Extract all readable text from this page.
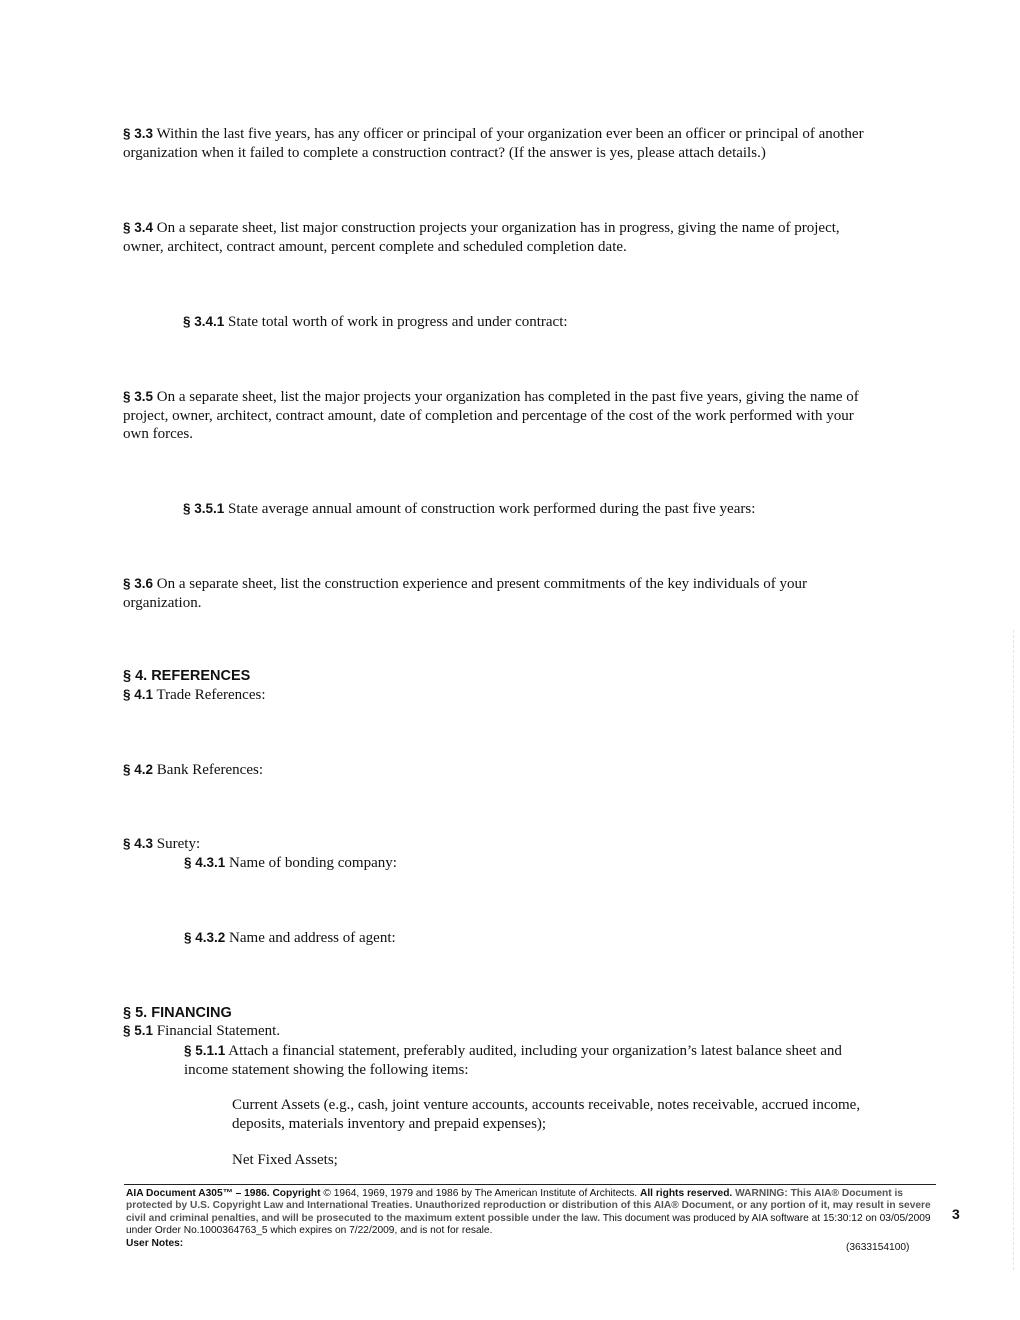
§ 3.3 Within the last five years, has any officer or principal of your organization ever been an officer or principal of another organization when it failed to complete a construction contract? (If the answer is yes, please attach details.)

§ 3.4 On a separate sheet, list major construction projects your organization has in progress, giving the name of project, owner, architect, contract amount, percent complete and scheduled completion date.

§ 3.4.1 State total worth of work in progress and under contract:

§ 3.5 On a separate sheet, list the major projects your organization has completed in the past five years, giving the name of project, owner, architect, contract amount, date of completion and percentage of the cost of the work performed with your own forces.

§ 3.5.1 State average annual amount of construction work performed during the past five years:

§ 3.6 On a separate sheet, list the construction experience and present commitments of the key individuals of your organization.

§ 4. REFERENCES

§ 4.1 Trade References:

§ 4.2 Bank References:

§ 4.3 Surety:

§ 4.3.1 Name of bonding company:

§ 4.3.2 Name and address of agent:

§ 5. FINANCING

§ 5.1 Financial Statement.

§ 5.1.1 Attach a financial statement, preferably audited, including your organization’s latest balance sheet and income statement showing the following items:

Current Assets (e.g., cash, joint venture accounts, accounts receivable, notes receivable, accrued income, deposits, materials inventory and prepaid expenses);

Net Fixed Assets;

AIA Document A305™ – 1986. Copyright © 1964, 1969, 1979 and 1986 by The American Institute of Architects. All rights reserved. WARNING: This AIA® Document is protected by U.S. Copyright Law and International Treaties. Unauthorized reproduction or distribution of this AIA® Document, or any portion of it, may result in severe civil and criminal penalties, and will be prosecuted to the maximum extent possible under the law. This document was produced by AIA software at 15:30:12 on 03/05/2009 under Order No.1000364763_5 which expires on 7/22/2009, and is not for resale.
User Notes:	(3633154100)
3
